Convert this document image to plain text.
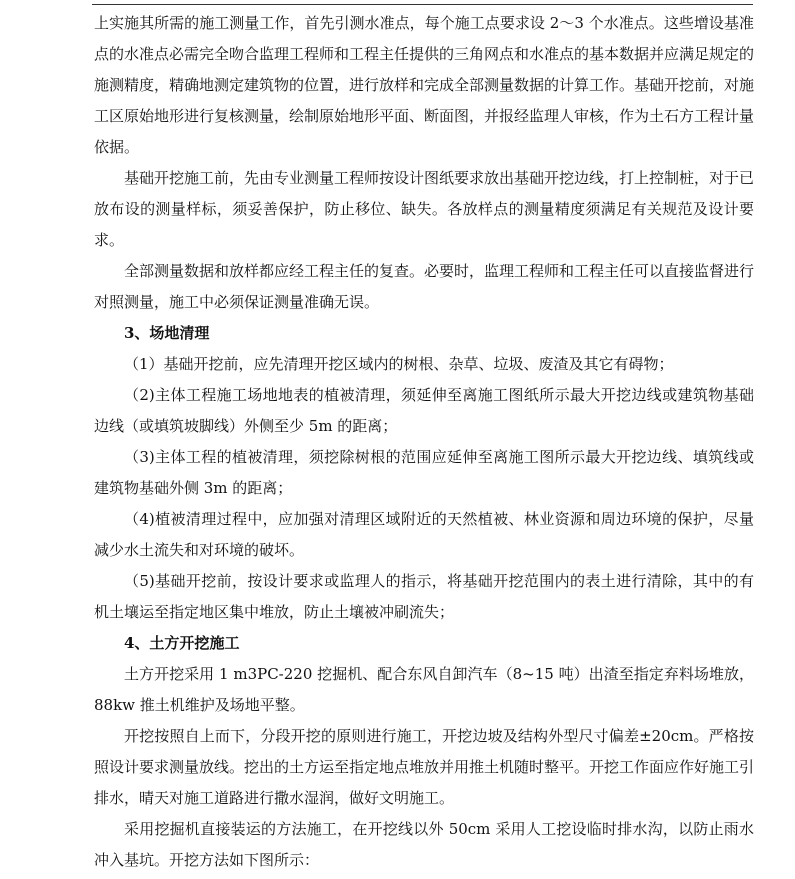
上实施其所需的施工测量工作，首先引测水准点，每个施工点要求设 2～3 个水准点。这些增设基准点的水准点必需完全吻合监理工程师和工程主任提供的三角网点和水准点的基本数据并应满足规定的施测精度，精确地测定建筑物的位置，进行放样和完成全部测量数据的计算工作。基础开挖前，对施工区原始地形进行复核测量，绘制原始地形平面、断面图，并报经监理人审核，作为土石方工程计量依据。

基础开挖施工前，先由专业测量工程师按设计图纸要求放出基础开挖边线，打上控制桩，对于已放布设的测量样标，须妥善保护，防止移位、缺失。各放样点的测量精度须满足有关规范及设计要求。

全部测量数据和放样都应经工程主任的复查。必要时，监理工程师和工程主任可以直接监督进行对照测量，施工中必须保证测量准确无误。

3、场地清理

（1）基础开挖前，应先清理开挖区域内的树根、杂草、垃圾、废渣及其它有碍物；

（2)主体工程施工场地地表的植被清理，须延伸至离施工图纸所示最大开挖边线或建筑物基础边线（或填筑坡脚线）外侧至少 5m 的距离；

（3)主体工程的植被清理，须挖除树根的范围应延伸至离施工图所示最大开挖边线、填筑线或建筑物基础外侧 3m 的距离；

（4)植被清理过程中，应加强对清理区域附近的天然植被、林业资源和周边环境的保护，尽量减少水土流失和对环境的破坏。

（5)基础开挖前，按设计要求或监理人的指示，将基础开挖范围内的表土进行清除，其中的有机土壤运至指定地区集中堆放，防止土壤被冲刷流失；

4、土方开挖施工

土方开挖采用 1 m3PC-220 挖掘机、配合东风自卸汽车（8~15 吨）出渣至指定弃料场堆放，88kw 推土机维护及场地平整。

开挖按照自上而下，分段开挖的原则进行施工，开挖边坡及结构外型尺寸偏差±20cm。严格按照设计要求测量放线。挖出的土方运至指定地点堆放并用推土机随时整平。开挖工作面应作好施工引排水，晴天对施工道路进行撒水湿润，做好文明施工。

采用挖掘机直接装运的方法施工，在开挖线以外 50cm 采用人工挖设临时排水沟，以防止雨水冲入基坑。开挖方法如下图所示：
